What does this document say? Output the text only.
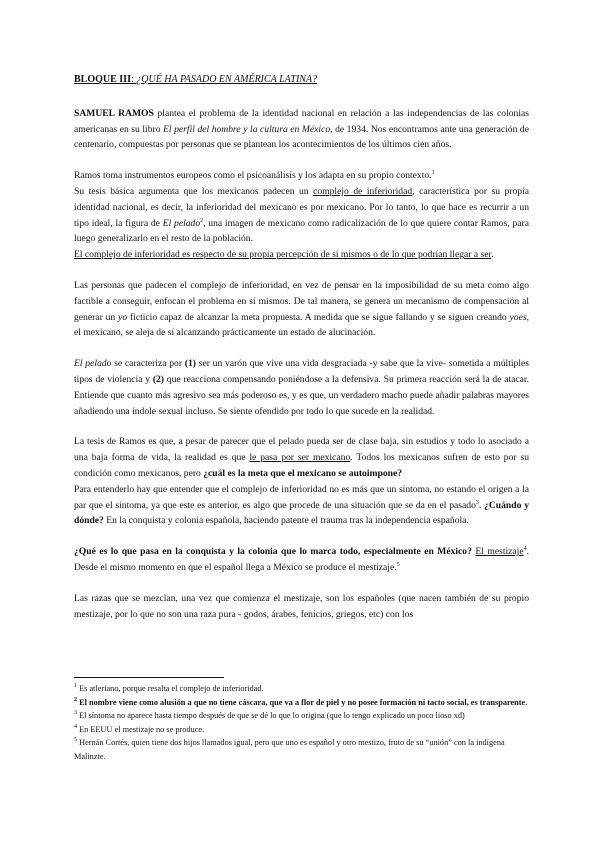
BLOQUE III: ¿QUÉ HA PASADO EN AMÉRICA LATINA?

SAMUEL RAMOS plantea el problema de la identidad nacional en relación a las independencias de las colonias americanas en su libro El perfil del hombre y la cultura en México, de 1934. Nos encontramos ante una generación de centenario, compuestas por personas que se plantean los acontecimientos de los últimos cien años.

Ramos toma instrumentos europeos como el psicoanálisis y los adapta en su propio contexto.$^1$
Su tesis básica argumenta que los mexicanos padecen un complejo de inferioridad, característica por su propia identidad nacional, es decir, la inferioridad del mexicano es por mexicano. Por lo tanto, lo que hace es recurrir a un tipo ideal, la figura de El pelado$^2$, una imagen de mexicano como radicalización de lo que quiere contar Ramos, para luego generalizarlo en el resto de la población.
El complejo de inferioridad es respecto de su propia percepción de sí mismos o de lo que podrían llegar a ser.

Las personas que padecen el complejo de inferioridad, en vez de pensar en la imposibilidad de su meta como algo factible a conseguir, enfocan el problema en sí mismos. De tal manera, se genera un mecanismo de compensación al generar un yo ficticio capaz de alcanzar la meta propuesta. A medida que se sigue fallando y se siguen creando yoes, el mexicano, se aleja de sí alcanzando prácticamente un estado de alucinación.

El pelado se caracteriza por (1) ser un varón que vive una vida desgraciada -y sabe que la vive- sometida a múltiples tipos de violencia y (2) que reacciona compensando poniéndose a la defensiva. Su primera reacción será la de atacar. Entiende que cuanto más agresivo sea más poderoso es, y es que, un verdadero macho puede añadir palabras mayores añadiendo una índole sexual incluso. Se siente ofendido por todo lo que sucede en la realidad.

La tesis de Ramos es que, a pesar de parecer que el pelado pueda ser de clase baja, sin estudios y todo lo asociado a una baja forma de vida, la realidad es que le pasa por ser mexicano. Todos los mexicanos sufren de esto por su condición como mexicanos, pero ¿cuál es la meta que el mexicano se autoimpone?

Para entenderlo hay que entender que el complejo de inferioridad no es más que un síntoma, no estando el origen a la par que el síntoma, ya que este es anterior, es algo que procede de una situación que se da en el pasado$^3$. ¿Cuándo y dónde? En la conquista y colonia española, haciendo patente el trauma tras la independencia española.

¿Qué es lo que pasa en la conquista y la colonia que lo marca todo, especialmente en México? El mestizaje$^4$. Desde el mismo momento en que el español llega a México se produce el mestizaje.$^5$

Las razas que se mezclan, una vez que comienza el mestizaje, son los españoles (que nacen también de su propio mestizaje, por lo que no son una raza pura - godos, árabes, fenicios, griegos, etc) con los

$^1$ Es atleriano, porque resalta el complejo de inferioridad.

$^2$ El nombre viene como alusión a que no tiene cáscara, que va a flor de piel y no posee formación ni tacto social, es transparente.

$^3$ El síntoma no aparece hasta tiempo después de que se dé lo que lo origina (que lo tengo explicado un poco lioso xd)

$^4$ En EEUU el mestizaje no se produce.

$^5$ Hernán Cortés, quien tiene dos hijos llamados igual, pero que uno es español y otro mestizo, fruto de su “unión” con la indígena Malinzte.
